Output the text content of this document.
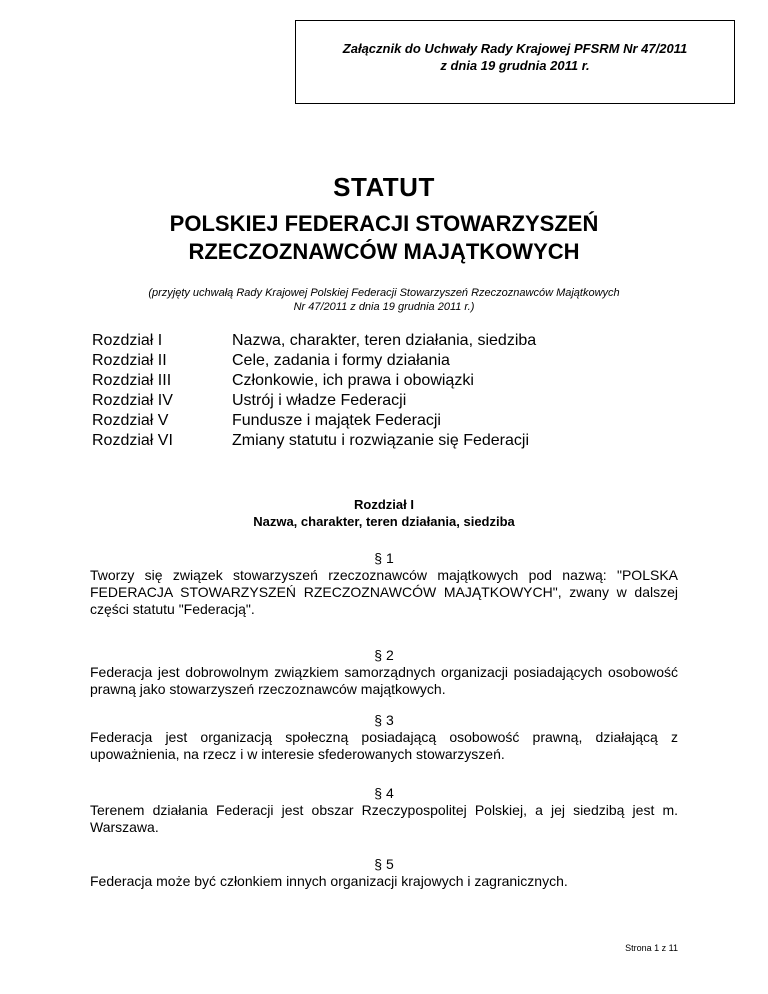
Załącznik do Uchwały Rady Krajowej PFSRM Nr 47/2011
z dnia 19 grudnia 2011 r.
STATUT
POLSKIEJ FEDERACJI STOWARZYSZEŃ
RZECZOZNAWCÓW MAJĄTKOWYCH
(przyjęty uchwałą Rady Krajowej Polskiej Federacji Stowarzyszeń Rzeczoznawców Majątkowych
Nr 47/2011 z dnia 19 grudnia 2011 r.)
Rozdział I	Nazwa, charakter, teren działania, siedziba
Rozdział II	Cele, zadania i formy działania
Rozdział III	Członkowie, ich prawa i obowiązki
Rozdział IV	Ustrój i władze Federacji
Rozdział V	Fundusze i majątek Federacji
Rozdział VI	Zmiany statutu i rozwiązanie się Federacji
Rozdział I
Nazwa, charakter, teren działania, siedziba
§ 1
Tworzy się związek stowarzyszeń rzeczoznawców majątkowych pod nazwą: "POLSKA FEDERACJA STOWARZYSZEŃ RZECZOZNAWCÓW MAJĄTKOWYCH", zwany w dalszej części statutu "Federacją".
§ 2
Federacja jest dobrowolnym związkiem samorządnych organizacji posiadających osobowość prawną jako stowarzyszeń rzeczoznawców majątkowych.
§ 3
Federacja jest organizacją społeczną posiadającą osobowość prawną, działającą z upoważnienia, na rzecz i w interesie sfederowanych stowarzyszeń.
§ 4
Terenem działania Federacji jest obszar Rzeczypospolitej Polskiej, a jej siedzibą jest m. Warszawa.
§ 5
Federacja może być członkiem innych organizacji krajowych i zagranicznych.
Strona 1 z 11
